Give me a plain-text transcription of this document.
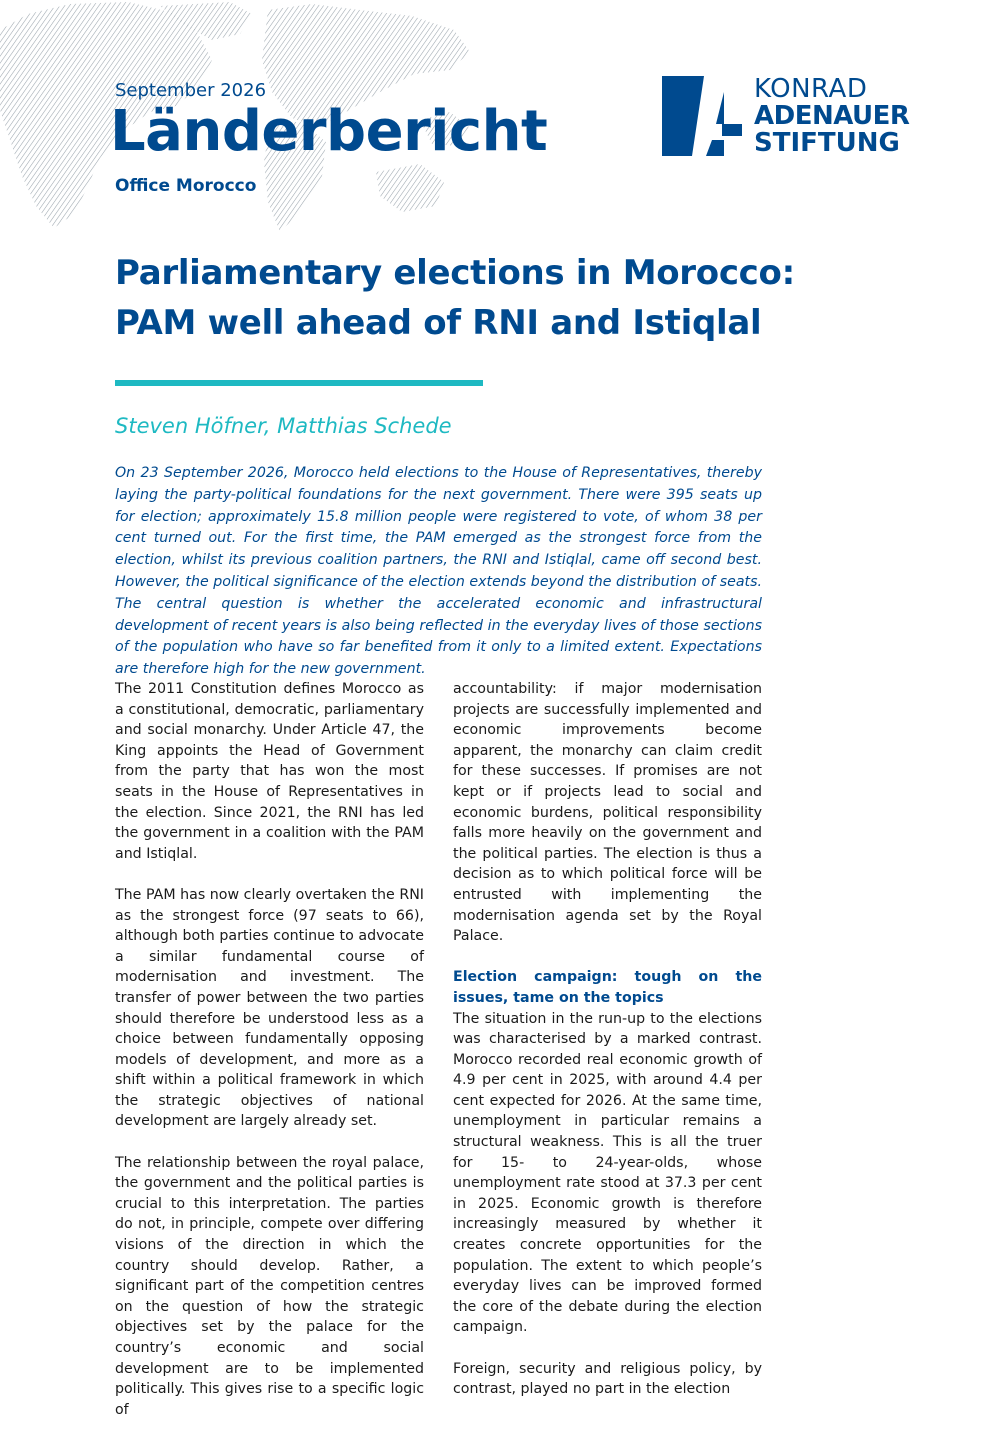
September 2026
Länderbericht
Office Morocco
KONRAD
ADENAUER
STIFTUNG
Parliamentary elections in Morocco:
PAM well ahead of RNI and Istiqlal
Steven Höfner, Matthias Schede

On 23 September 2026, Morocco held elections to the House of Representatives, thereby laying the party-political foundations for the next government. There were 395 seats up for election; approximately 15.8 million people were registered to vote, of whom 38 per cent turned out. For the first time, the PAM emerged as the strongest force from the election, whilst its previous coalition partners, the RNI and Istiqlal, came off second best. However, the political significance of the election extends beyond the distribution of seats. The central question is whether the accelerated economic and infrastructural development of recent years is also being reflected in the everyday lives of those sections of the population who have so far benefited from it only to a limited extent. Expectations are therefore high for the new government.

The 2011 Constitution defines Morocco as a constitutional, democratic, parliamentary and social monarchy. Under Article 47, the King appoints the Head of Government from the party that has won the most seats in the House of Representatives in the election. Since 2021, the RNI has led the government in a coalition with the PAM and Istiqlal.

The PAM has now clearly overtaken the RNI as the strongest force (97 seats to 66), although both parties continue to advocate a similar fundamental course of modernisation and investment. The transfer of power between the two parties should therefore be understood less as a choice between fundamentally opposing models of development, and more as a shift within a political framework in which the strategic objectives of national development are largely already set.

The relationship between the royal palace, the government and the political parties is crucial to this interpretation. The parties do not, in principle, compete over differing visions of the direction in which the country should develop. Rather, a significant part of the competition centres on the question of how the strategic objectives set by the palace for the country’s economic and social development are to be implemented politically. This gives rise to a specific logic of

accountability: if major modernisation projects are successfully implemented and economic improvements become apparent, the monarchy can claim credit for these successes. If promises are not kept or if projects lead to social and economic burdens, political responsibility falls more heavily on the government and the political parties. The election is thus a decision as to which political force will be entrusted with implementing the modernisation agenda set by the Royal Palace.

Election campaign: tough on the issues, tame on the topics

The situation in the run-up to the elections was characterised by a marked contrast. Morocco recorded real economic growth of 4.9 per cent in 2025, with around 4.4 per cent expected for 2026. At the same time, unemployment in particular remains a structural weakness. This is all the truer for 15- to 24-year-olds, whose unemployment rate stood at 37.3 per cent in 2025. Economic growth is therefore increasingly measured by whether it creates concrete opportunities for the population. The extent to which people’s everyday lives can be improved formed the core of the debate during the election campaign.

Foreign, security and religious policy, by contrast, played no part in the election
